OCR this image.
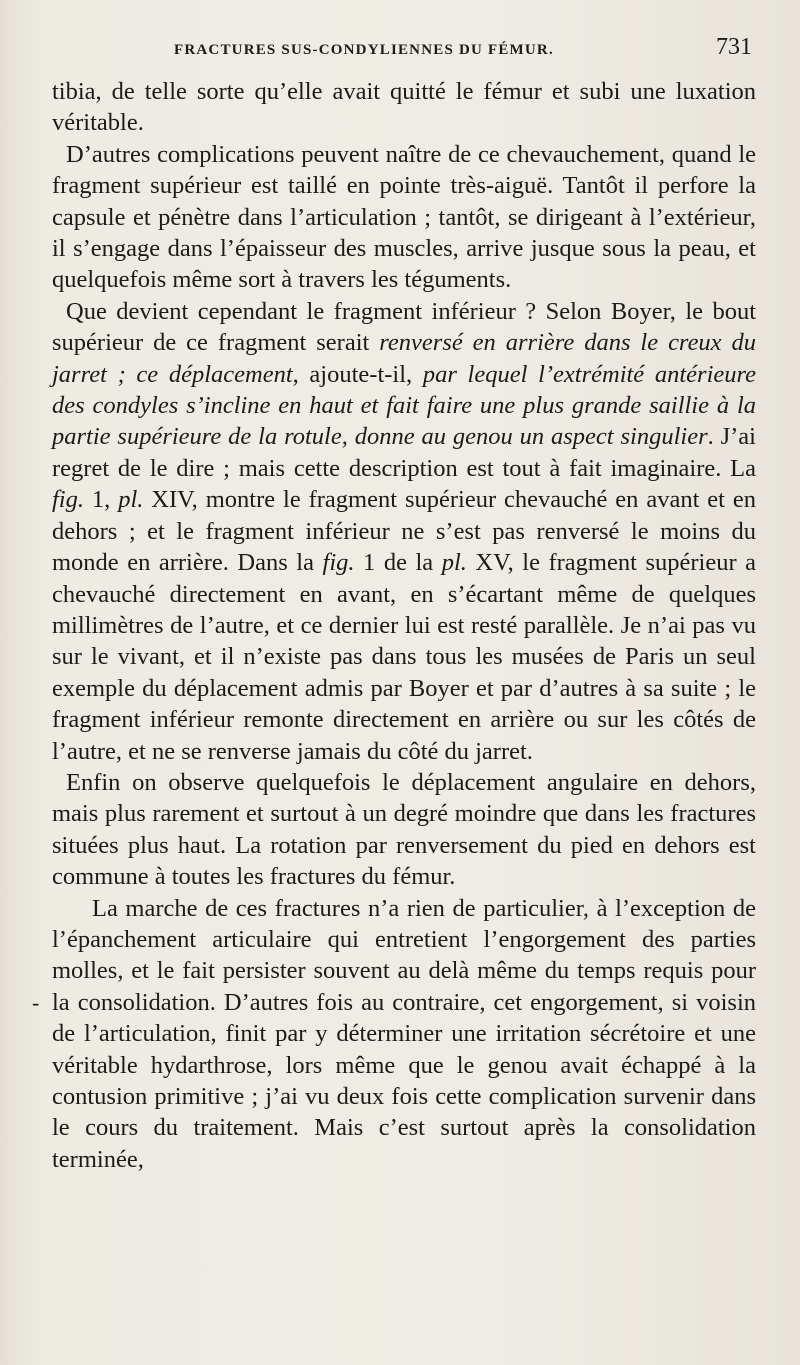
FRACTURES SUS-CONDYLIENNES DU FÉMUR.	731

tibia, de telle sorte qu’elle avait quitté le fémur et subi une luxation véritable.

D’autres complications peuvent naître de ce chevauchement, quand le fragment supérieur est taillé en pointe très-aiguë. Tantôt il perfore la capsule et pénètre dans l’articulation ; tantôt, se dirigeant à l’extérieur, il s’engage dans l’épaisseur des muscles, arrive jusque sous la peau, et quelquefois même sort à travers les téguments.

Que devient cependant le fragment inférieur ? Selon Boyer, le bout supérieur de ce fragment serait renversé en arrière dans le creux du jarret ; ce déplacement, ajoute-t-il, par lequel l’extrémité antérieure des condyles s’incline en haut et fait faire une plus grande saillie à la partie supérieure de la rotule, donne au genou un aspect singulier. J’ai regret de le dire ; mais cette description est tout à fait imaginaire. La fig. 1, pl. XIV, montre le fragment supérieur chevauché en avant et en dehors ; et le fragment inférieur ne s’est pas renversé le moins du monde en arrière. Dans la fig. 1 de la pl. XV, le fragment supérieur a chevauché directement en avant, en s’écartant même de quelques millimètres de l’autre, et ce dernier lui est resté parallèle. Je n’ai pas vu sur le vivant, et il n’existe pas dans tous les musées de Paris un seul exemple du déplacement admis par Boyer et par d’autres à sa suite ; le fragment inférieur remonte directement en arrière ou sur les côtés de l’autre, et ne se renverse jamais du côté du jarret.

Enfin on observe quelquefois le déplacement angulaire en dehors, mais plus rarement et surtout à un degré moindre que dans les fractures situées plus haut. La rotation par renversement du pied en dehors est commune à toutes les fractures du fémur.

La marche de ces fractures n’a rien de particulier, à l’exception de l’épanchement articulaire qui entretient l’engorgement des parties molles, et le fait persister souvent au delà même du temps requis pour la consolidation. D’autres fois au contraire, cet engorgement, si voisin de l’articulation, finit par y déterminer une irritation sécrétoire et une véritable hydarthrose, lors même que le genou avait échappé à la contusion primitive ; j’ai vu deux fois cette complication survenir dans le cours du traitement. Mais c’est surtout après la consolidation terminée,

-
